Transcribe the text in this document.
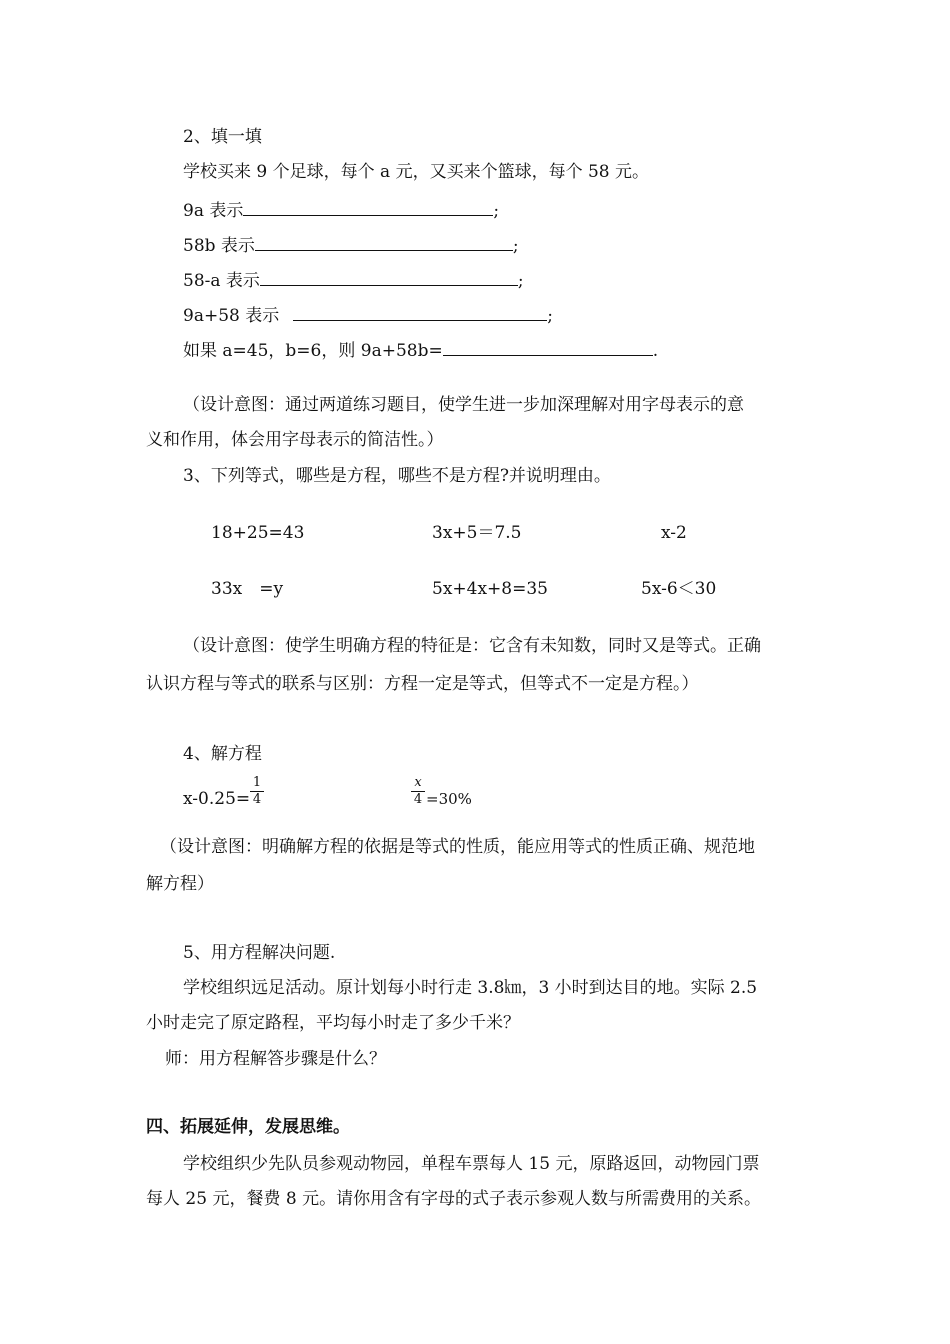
2、填一填
学校买来 9 个足球，每个 a 元，又买来个篮球，每个 58 元。
9a 表示	;
58b 表示	;
58-a 表示	;
9a+58 表示	;
如果 a=45，b=6，则 9a+58b=	.
（设计意图：通过两道练习题目，使学生进一步加深理解对用字母表示的意
义和作用，体会用字母表示的简洁性。）
3、下列等式，哪些是方程，哪些不是方程?并说明理由。
18+25=43	3x+5＝7.5	x-2
33x　=y	5x+4x+8=35	5x-6＜30
（设计意图：使学生明确方程的特征是：它含有未知数，同时又是等式。正确
认识方程与等式的联系与区别：方程一定是等式，但等式不一定是方程。）
4、解方程
x-0.25=
1
4
x
4 =30%
（设计意图：明确解方程的依据是等式的性质，能应用等式的性质正确、规范地
解方程）
5、用方程解决问题.
学校组织远足活动。原计划每小时行走 3.8㎞，3 小时到达目的地。实际 2.5
小时走完了原定路程，平均每小时走了多少千米？
师：用方程解答步骤是什么？
四、拓展延伸，发展思维。
学校组织少先队员参观动物园，单程车票每人 15 元，原路返回，动物园门票
每人 25 元，餐费 8 元。请你用含有字母的式子表示参观人数与所需费用的关系。
